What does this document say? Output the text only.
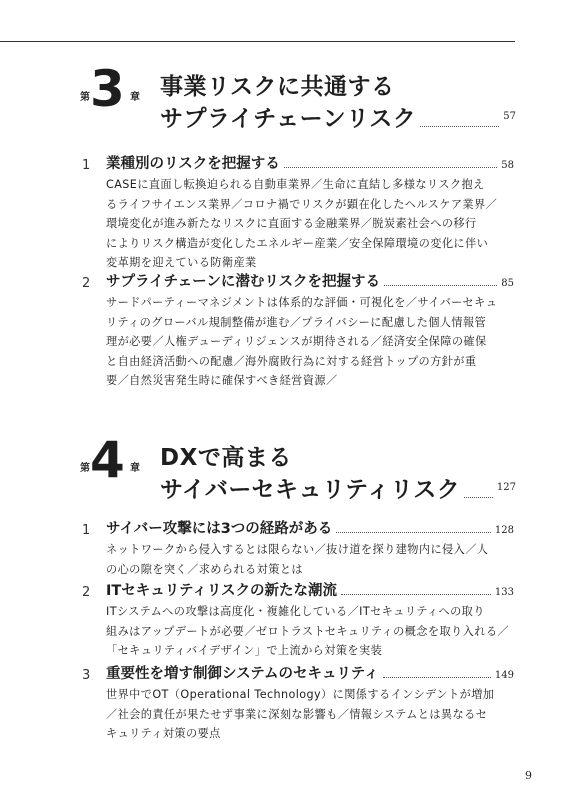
第 3 章 事業リスクに共通する
サプライチェーンリスク	57
1	業種別のリスクを把握する	58
CASEに直面し転換迫られる自動車業界／生命に直結し多様なリスク抱え
るライフサイエンス業界／コロナ禍でリスクが顕在化したヘルスケア業界／
環境変化が進み新たなリスクに直面する金融業界／脱炭素社会への移行
によりリスク構造が変化したエネルギー産業／安全保障環境の変化に伴い
変革期を迎えている防衛産業
2	サプライチェーンに潜むリスクを把握する	85
サードパーティーマネジメントは体系的な評価・可視化を／サイバーセキュ
リティのグローバル規制整備が進む／プライバシーに配慮した個人情報管
理が必要／人権デューディリジェンスが期待される／経済安全保障の確保
と自由経済活動への配慮／海外腐敗行為に対する経営トップの方針が重
要／自然災害発生時に確保すべき経営資源／
第 4 章 DXで高まる
サイバーセキュリティリスク	127
1	サイバー攻撃には3つの経路がある	128
ネットワークから侵入するとは限らない／抜け道を探り建物内に侵入／人
の心の隙を突く／求められる対策とは
2	ITセキュリティリスクの新たな潮流	133
ITシステムへの攻撃は高度化・複雑化している／ITセキュリティへの取り
組みはアップデートが必要／ゼロトラストセキュリティの概念を取り入れる／
「セキュリティバイデザイン」で上流から対策を実装
3	重要性を増す制御システムのセキュリティ	149
世界中でOT（Operational Technology）に関係するインシデントが増加
／社会的責任が果たせず事業に深刻な影響も／情報システムとは異なるセ
キュリティ対策の要点
9
